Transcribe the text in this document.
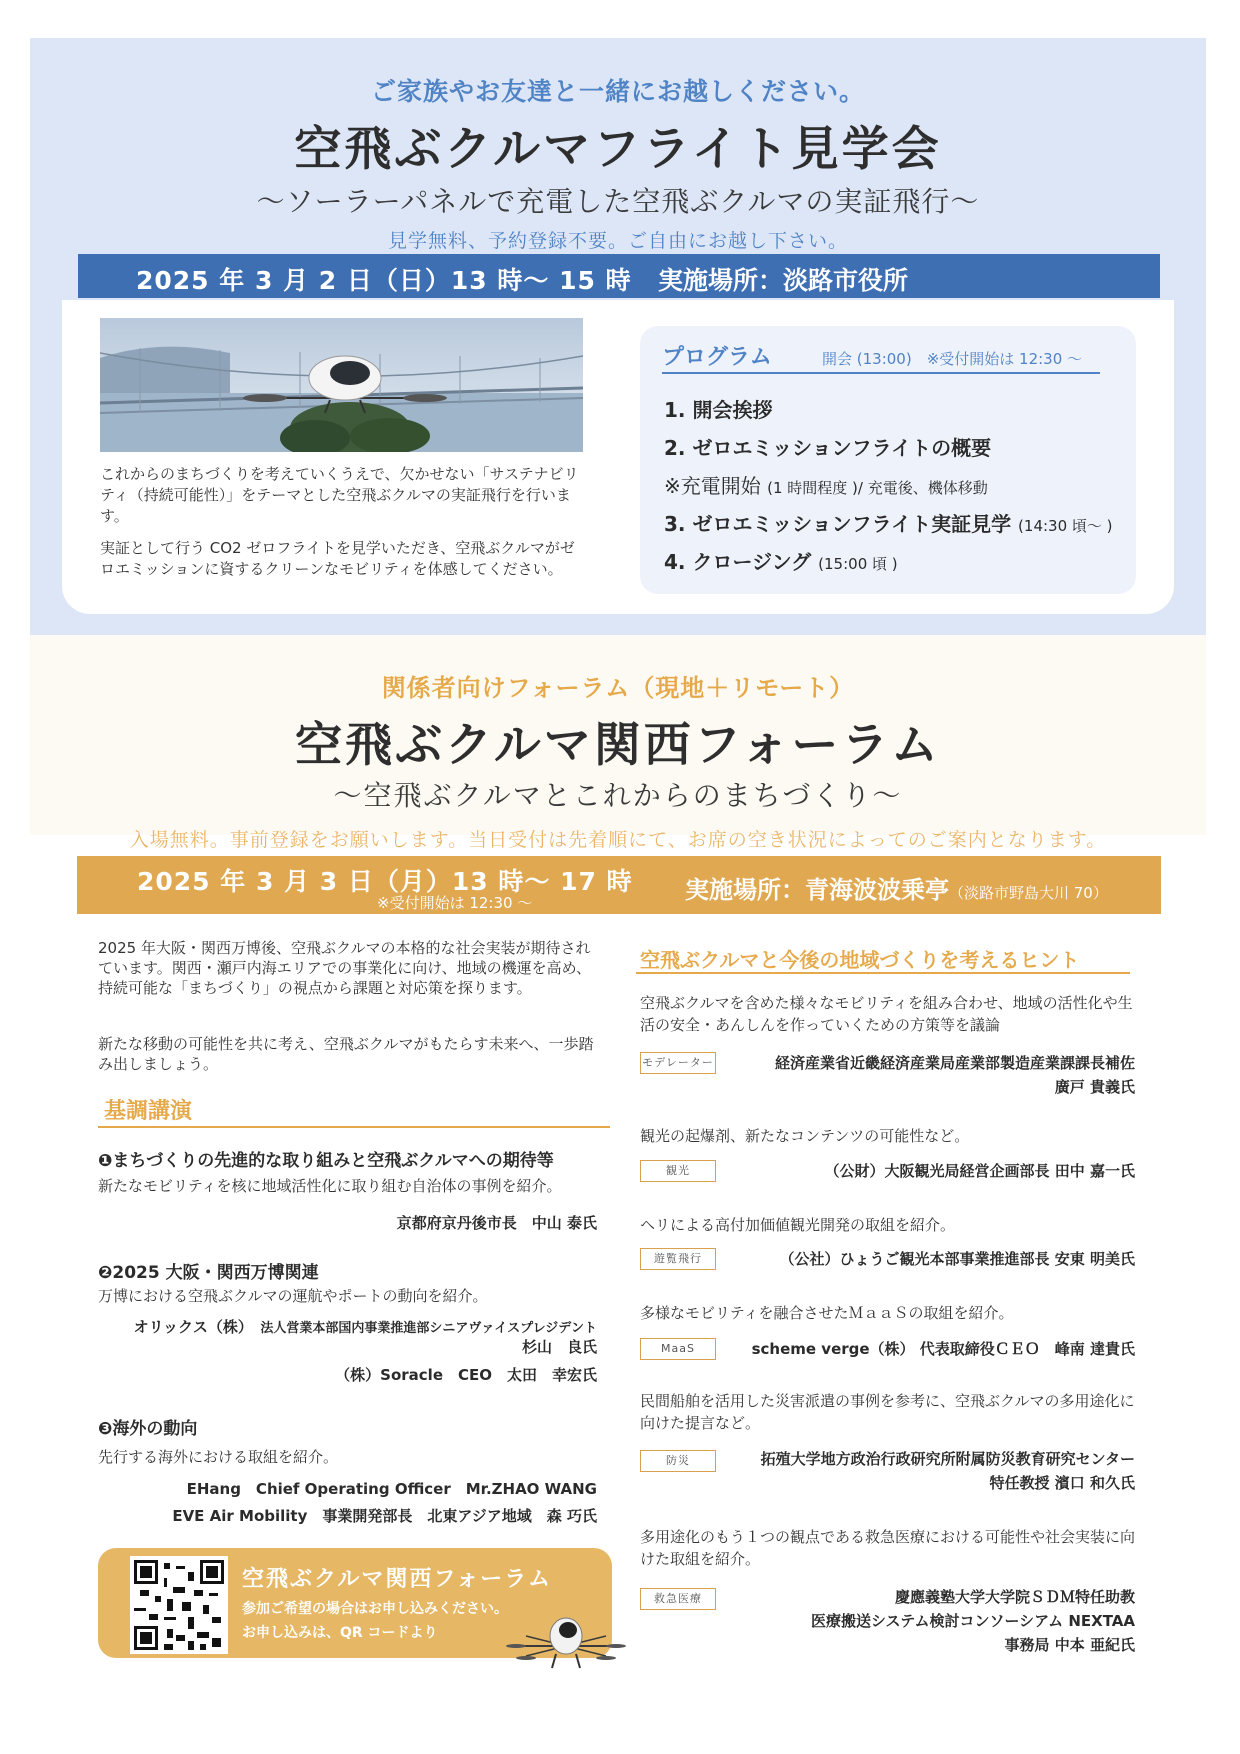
ご家族やお友達と一緒にお越しください。
空飛ぶクルマフライト見学会
〜ソーラーパネルで充電した空飛ぶクルマの実証飛行〜
見学無料、予約登録不要。ご自由にお越し下さい。
2025 年 3 月 2 日（日）13 時〜 15 時 実施場所：淡路市役所
これからのまちづくりを考えていくうえで、欠かせない「サステナビリティ（持続可能性）」をテーマとした空飛ぶクルマの実証飛行を行います。
実証として行う CO2 ゼロフライトを見学いただき、空飛ぶクルマがゼロエミッションに資するクリーンなモビリティを体感してください。
プログラム	開会 (13:00)　※受付開始は 12:30 〜
1. 開会挨拶
2. ゼロエミッションフライトの概要
※充電開始 (1 時間程度 )/ 充電後、機体移動
3. ゼロエミッションフライト実証見学 (14:30 頃〜 )
4. クロージング (15:00 頃 )
関係者向けフォーラム（現地＋リモート）
空飛ぶクルマ関西フォーラム
〜空飛ぶクルマとこれからのまちづくり〜
入場無料。事前登録をお願いします。当日受付は先着順にて、お席の空き状況によってのご案内となります。
2025 年 3 月 3 日（月）13 時〜 17 時
※受付開始は 12:30 〜	実施場所：青海波波乗亭（淡路市野島大川 70）
2025 年大阪・関西万博後、空飛ぶクルマの本格的な社会実装が期待されています。関西・瀬戸内海エリアでの事業化に向け、地域の機運を高め、持続可能な「まちづくり」の視点から課題と対応策を探ります。
新たな移動の可能性を共に考え、空飛ぶクルマがもたらす未来へ、一歩踏み出しましょう。
基調講演
❶まちづくりの先進的な取り組みと空飛ぶクルマへの期待等
新たなモビリティを核に地域活性化に取り組む自治体の事例を紹介。
京都府京丹後市長　中山 泰氏
❷2025 大阪・関西万博関連
万博における空飛ぶクルマの運航やポートの動向を紹介。
オリックス（株）　 法人営業本部国内事業推進部シニアヴァイスプレジデント
杉山　良氏
（株）Soracle　CEO　太田　幸宏氏
❸海外の動向
先行する海外における取組を紹介。
EHang　Chief Operating Officer　Mr.ZHAO WANG
EVE Air Mobility　事業開発部長　北東アジア地域　森 巧氏
空飛ぶクルマ関西フォーラム
参加ご希望の場合はお申し込みください。
お申し込みは、QR コードより
空飛ぶクルマと今後の地域づくりを考えるヒント
空飛ぶクルマを含めた様々なモビリティを組み合わせ、地域の活性化や生活の安全・あんしんを作っていくための方策等を議論
モデレーター	経済産業省近畿経済産業局産業部製造産業課課長補佐
廣戸 貴義氏
観光の起爆剤、新たなコンテンツの可能性など。
観光	（公財）大阪観光局経営企画部長 田中 嘉一氏
ヘリによる高付加価値観光開発の取組を紹介。
遊覧飛行	（公社）ひょうご観光本部事業推進部長 安東 明美氏
多様なモビリティを融合させたＭａａＳの取組を紹介。
MaaS	scheme verge（株） 代表取締役ＣＥＯ　峰南 達貴氏
民間船舶を活用した災害派遣の事例を参考に、空飛ぶクルマの多用途化に向けた提言など。
防災	拓殖大学地方政治行政研究所附属防災教育研究センター
特任教授 濱口 和久氏
多用途化のもう１つの観点である救急医療における可能性や社会実装に向けた取組を紹介。
救急医療	慶應義塾大学大学院ＳＤＭ特任助教
医療搬送システム検討コンソーシアム NEXTAA
事務局 中本 亜紀氏
